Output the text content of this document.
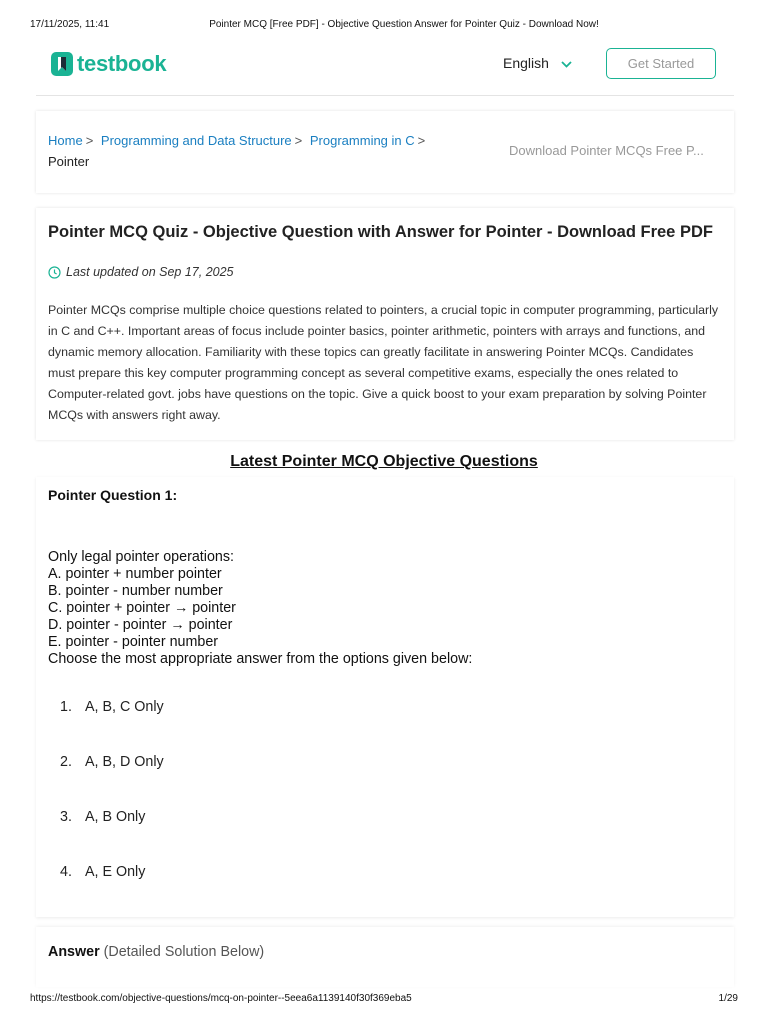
17/11/2025, 11:41	Pointer MCQ [Free PDF] - Objective Question Answer for Pointer Quiz - Download Now!
testbook	English	Get Started
Home > Programming and Data Structure > Programming in C >
Pointer
Download Pointer MCQs Free P...
Pointer MCQ Quiz - Objective Question with Answer for Pointer - Download Free PDF
Last updated on Sep 17, 2025

Pointer MCQs comprise multiple choice questions related to pointers, a crucial topic in computer programming, particularly in C and C++. Important areas of focus include pointer basics, pointer arithmetic, pointers with arrays and functions, and dynamic memory allocation. Familiarity with these topics can greatly facilitate in answering Pointer MCQs. Candidates must prepare this key computer programming concept as several competitive exams, especially the ones related to Computer-related govt. jobs have questions on the topic. Give a quick boost to your exam preparation by solving Pointer MCQs with answers right away.

Latest Pointer MCQ Objective Questions
Pointer Question 1:
Only legal pointer operations:
A. pointer + number pointer
B. pointer - number number
C. pointer + pointer → pointer
D. pointer - pointer → pointer
E. pointer - pointer number
Choose the most appropriate answer from the options given below:
1. A, B, C Only
2. A, B, D Only
3. A, B Only
4. A, E Only
Answer (Detailed Solution Below)
https://testbook.com/objective-questions/mcq-on-pointer--5eea6a1139140f30f369eba5	1/29
